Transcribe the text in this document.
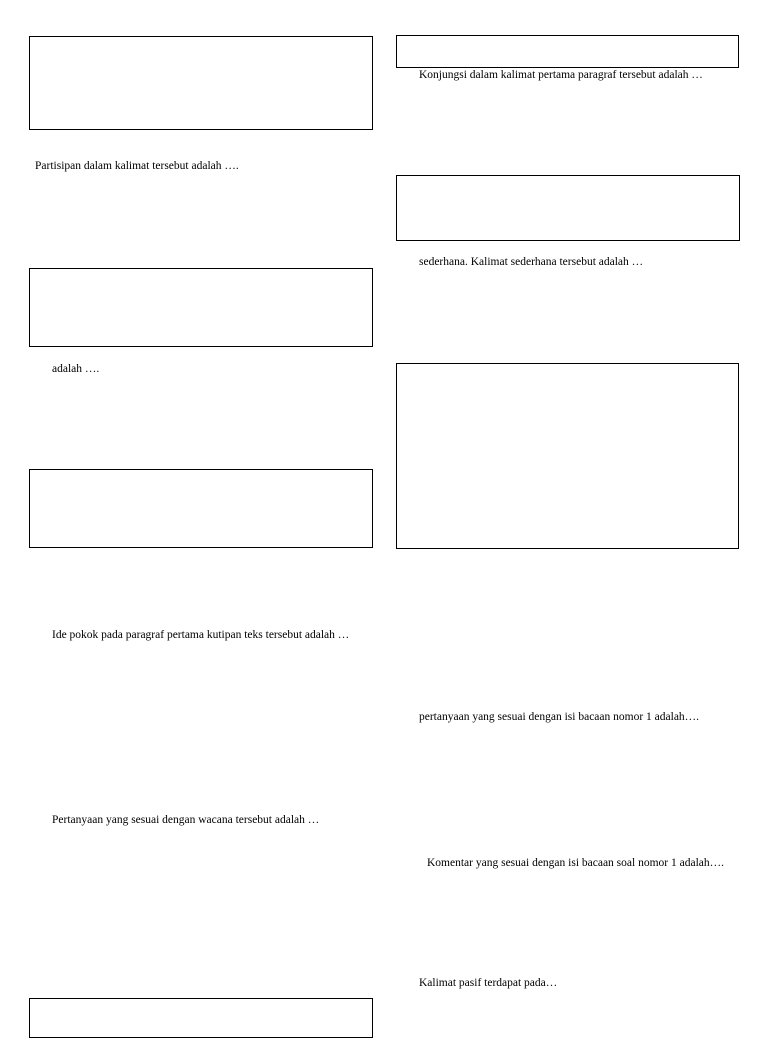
Partisipan dalam kalimat tersebut adalah ….
adalah ….
Ide pokok pada paragraf pertama kutipan teks tersebut adalah …
Pertanyaan yang sesuai dengan wacana tersebut adalah …
Konjungsi dalam kalimat pertama paragraf tersebut adalah …
sederhana. Kalimat sederhana tersebut adalah …
pertanyaan yang sesuai dengan isi bacaan nomor 1 adalah….
Komentar yang sesuai dengan isi bacaan soal nomor 1 adalah….
Kalimat pasif terdapat pada…
